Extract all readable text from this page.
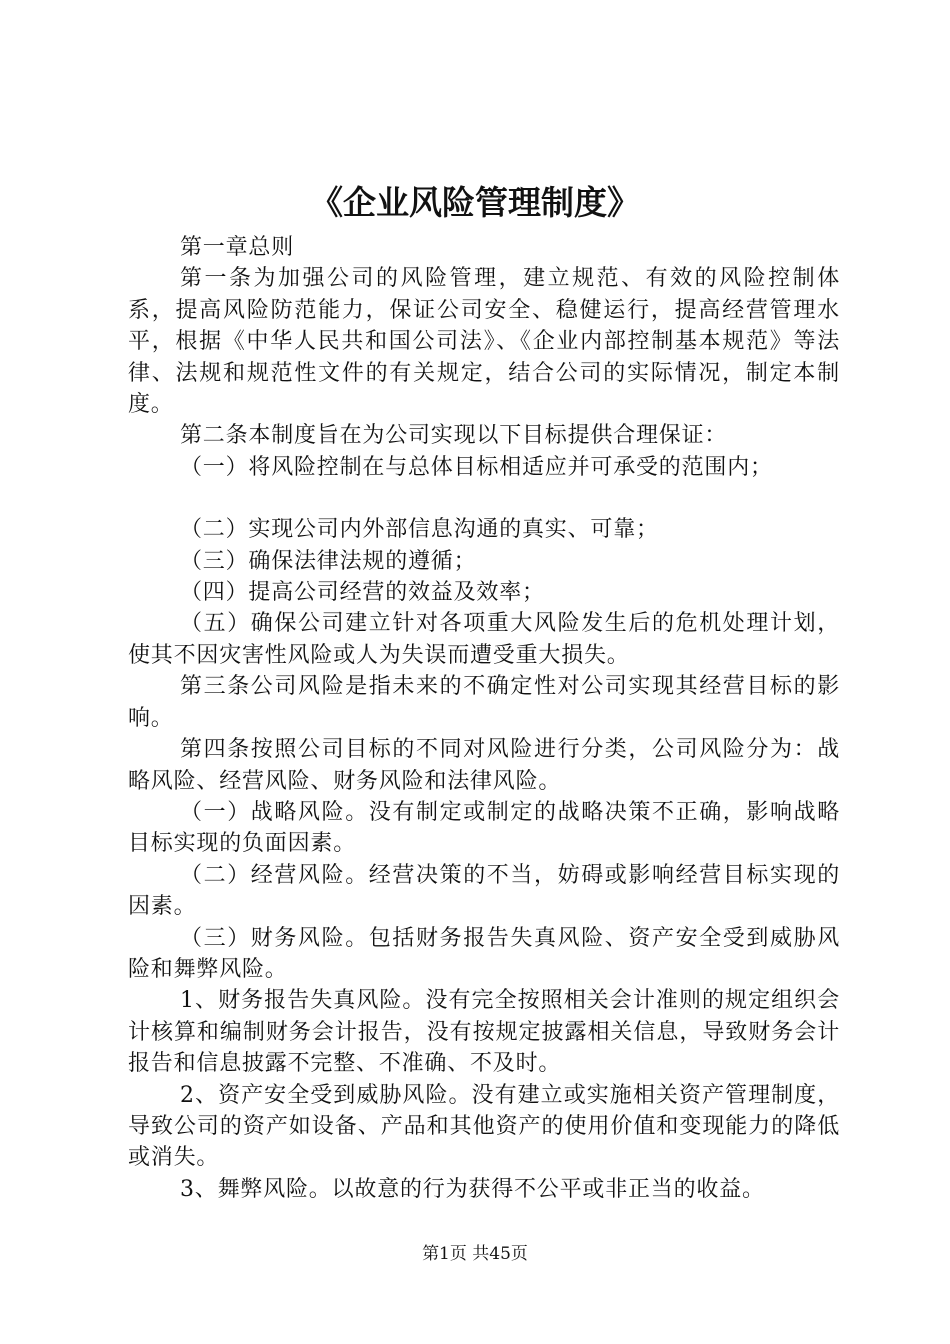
《企业风险管理制度》

第一章总则

第一条为加强公司的风险管理，建立规范、有效的风险控制体系，提高风险防范能力，保证公司安全、稳健运行，提高经营管理水平，根据《中华人民共和国公司法》、《企业内部控制基本规范》等法律、法规和规范性文件的有关规定，结合公司的实际情况，制定本制度。

第二条本制度旨在为公司实现以下目标提供合理保证：

（一）将风险控制在与总体目标相适应并可承受的范围内；

（二）实现公司内外部信息沟通的真实、可靠；

（三）确保法律法规的遵循；

（四）提高公司经营的效益及效率；

（五）确保公司建立针对各项重大风险发生后的危机处理计划，使其不因灾害性风险或人为失误而遭受重大损失。

第三条公司风险是指未来的不确定性对公司实现其经营目标的影响。

第四条按照公司目标的不同对风险进行分类，公司风险分为：战略风险、经营风险、财务风险和法律风险。

（一）战略风险。没有制定或制定的战略决策不正确，影响战略目标实现的负面因素。

（二）经营风险。经营决策的不当，妨碍或影响经营目标实现的因素。

（三）财务风险。包括财务报告失真风险、资产安全受到威胁风险和舞弊风险。

1、财务报告失真风险。没有完全按照相关会计准则的规定组织会计核算和编制财务会计报告，没有按规定披露相关信息，导致财务会计报告和信息披露不完整、不准确、不及时。

2、资产安全受到威胁风险。没有建立或实施相关资产管理制度，导致公司的资产如设备、产品和其他资产的使用价值和变现能力的降低或消失。

3、舞弊风险。以故意的行为获得不公平或非正当的收益。

第1页 共45页
